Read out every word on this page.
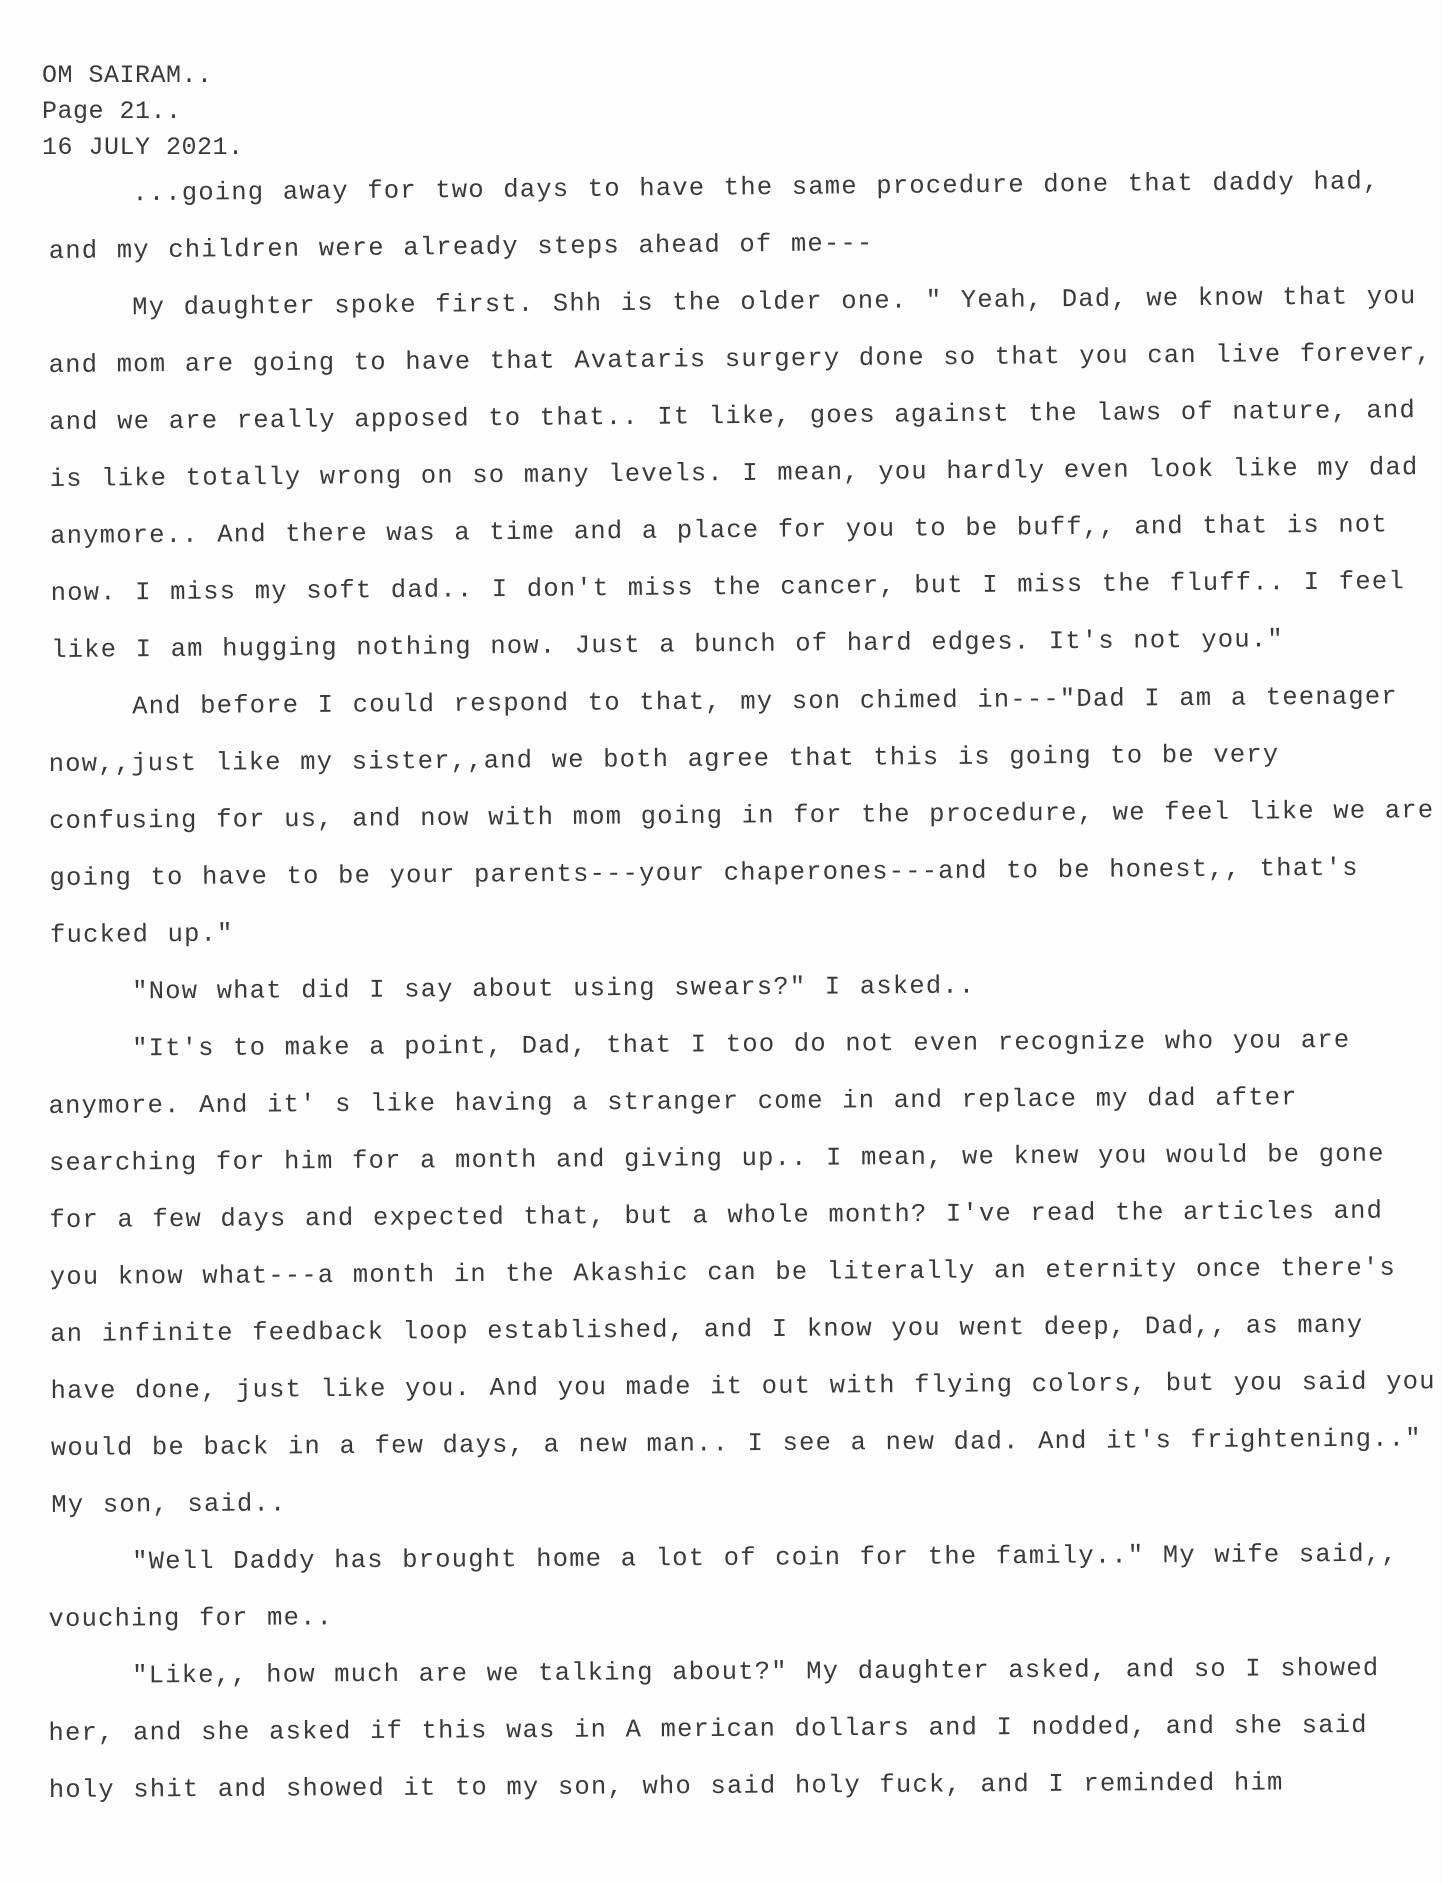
OM SAIRAM..
Page 21..
16 JULY 2021.

...going away for two days to have the same procedure done that daddy had, and my children were already steps ahead of me---

My daughter spoke first. Shh is the older one. " Yeah, Dad, we know that you and mom are going to have that Avataris surgery done so that you can live forever, and we are really apposed to that.. It like, goes against the laws of nature, and is like totally wrong on so many levels. I mean, you hardly even look like my dad anymore.. And there was a time and a place for you to be buff,, and that is not now. I miss my soft dad.. I don't miss the cancer, but I miss the fluff.. I feel like I am hugging nothing now. Just a bunch of hard edges. It's not you."

And before I could respond to that, my son chimed in---"Dad I am a teenager now,,just like my sister,,and we both agree that this is going to be very confusing for us, and now with mom going in for the procedure, we feel like we are going to have to be your parents---your chaperones---and to be honest,, that's fucked up."

"Now what did I say about using swears?" I asked..

"It's to make a point, Dad, that I too do not even recognize who you are anymore. And it' s like having a stranger come in and replace my dad after searching for him for a month and giving up.. I mean, we knew you would be gone for a few days and expected that, but a whole month? I've read the articles and you know what---a month in the Akashic can be literally an eternity once there's an infinite feedback loop established, and I know you went deep, Dad,, as many have done, just like you. And you made it out with flying colors, but you said you would be back in a few days, a new man.. I see a new dad. And it's frightening.." My son, said..

"Well Daddy has brought home a lot of coin for the family.." My wife said,, vouching for me..

"Like,, how much are we talking about?" My daughter asked, and so I showed her, and she asked if this was in A merican dollars and I nodded, and she said holy shit and showed it to my son, who said holy fuck, and I reminded him
